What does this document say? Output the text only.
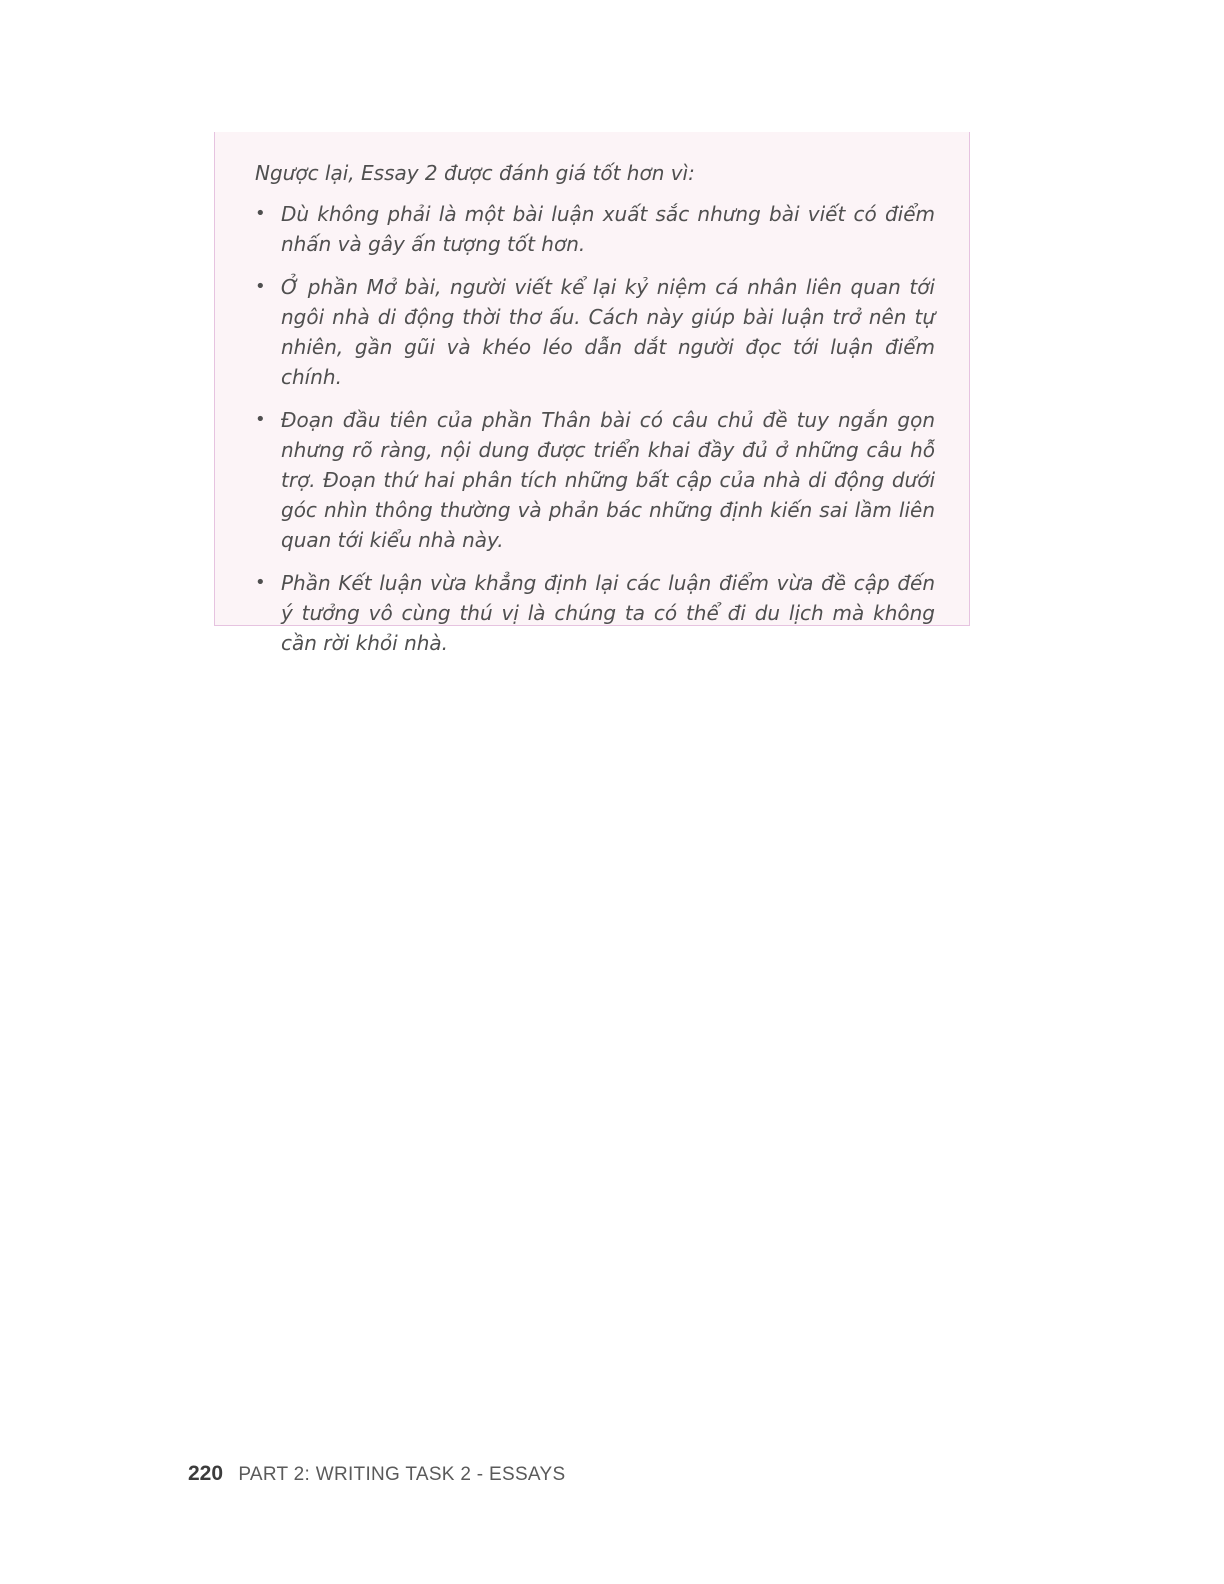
Ngược lại, Essay 2 được đánh giá tốt hơn vì:

• Dù không phải là một bài luận xuất sắc nhưng bài viết có điểm nhấn và gây ấn tượng tốt hơn.
• Ở phần Mở bài, người viết kể lại kỷ niệm cá nhân liên quan tới ngôi nhà di động thời thơ ấu. Cách này giúp bài luận trở nên tự nhiên, gần gũi và khéo léo dẫn dắt người đọc tới luận điểm chính.
• Đoạn đầu tiên của phần Thân bài có câu chủ đề tuy ngắn gọn nhưng rõ ràng, nội dung được triển khai đầy đủ ở những câu hỗ trợ. Đoạn thứ hai phân tích những bất cập của nhà di động dưới góc nhìn thông thường và phản bác những định kiến sai lầm liên quan tới kiểu nhà này.
• Phần Kết luận vừa khẳng định lại các luận điểm vừa đề cập đến ý tưởng vô cùng thú vị là chúng ta có thể đi du lịch mà không cần rời khỏi nhà.
220 PART 2: WRITING TASK 2 - ESSAYS
